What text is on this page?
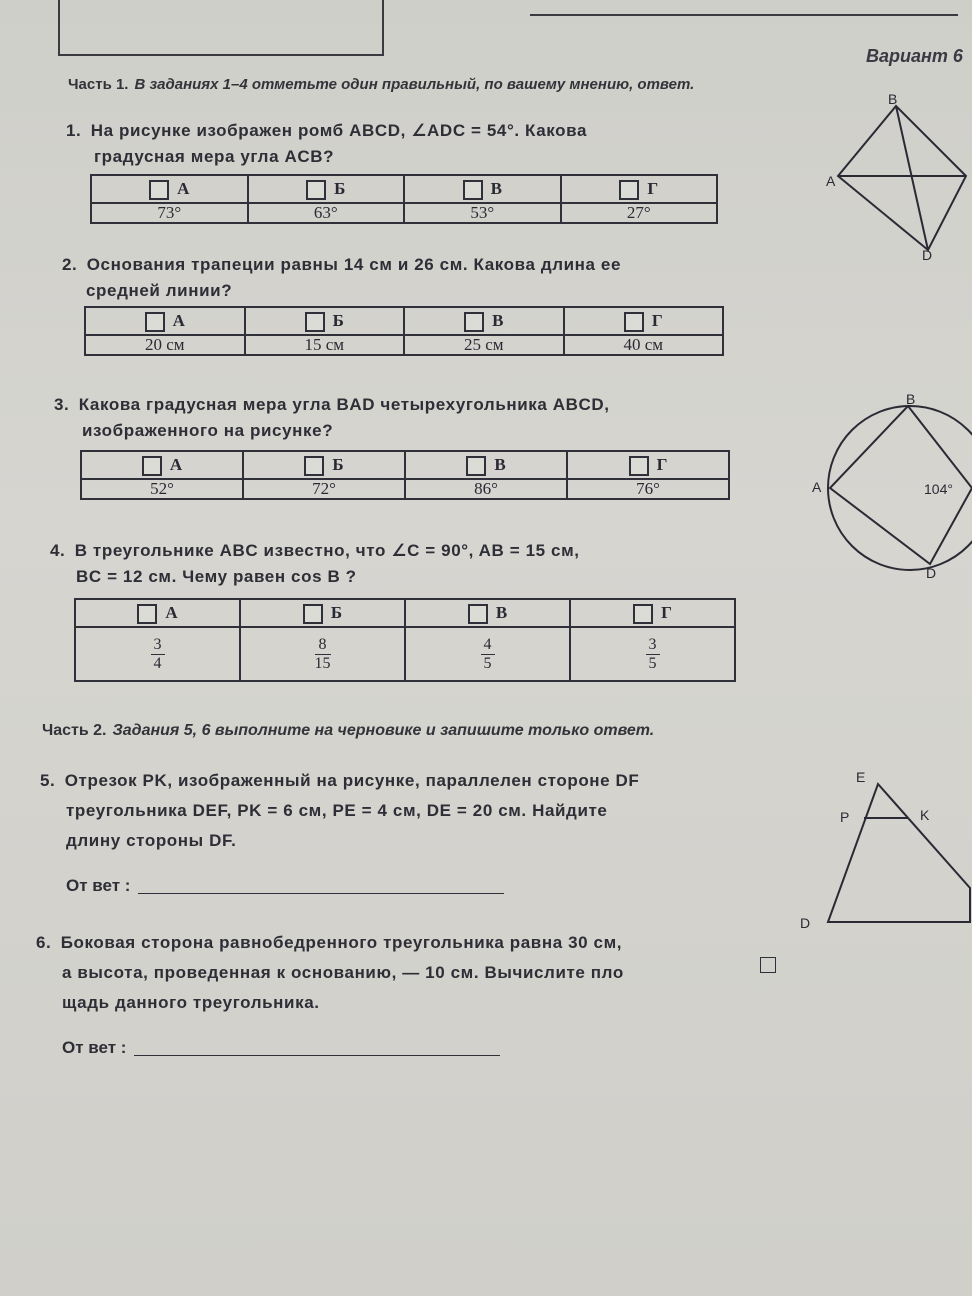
Вариант 6
Часть 1. В заданиях 1–4 отметьте один правильный, по вашему мнению, ответ.
1. На рисунке изображен ромб ABCD, ∠ADC = 54°. Какова
градусная мера угла ACB?
А	Б	В	Г
73°	63°	53°	27°
2. Основания трапеции равны 14 см и 26 см. Какова длина ее
средней линии?
А	Б	В	Г
20 см	15 см	25 см	40 см
3. Какова градусная мера угла BAD четырехугольника ABCD,
изображенного на рисунке?
А	Б	В	Г
52°	72°	86°	76°
4. В треугольнике ABC известно, что ∠C = 90°, AB = 15 см,
BC = 12 см. Чему равен cos B ?
А	Б	В	Г

$\frac{3}{4}$	$\frac{8}{15}$	$\frac{4}{5}$	$\frac{3}{5}$
Часть 2. Задания 5, 6 выполните на черновике и запишите только ответ.
5. Отрезок PK, изображенный на рисунке, параллелен стороне DF
треугольника DEF, PK = 6 см, PE = 4 см, DE = 20 см. Найдите
длину стороны DF.
От вет :
6. Боковая сторона равнобедренного треугольника равна 30 см,
а высота, проведенная к основанию, — 10 см. Вычислите пло
щадь данного треугольника.
От вет :
B
A
D
B
A
D
104°
E
P	K
D
